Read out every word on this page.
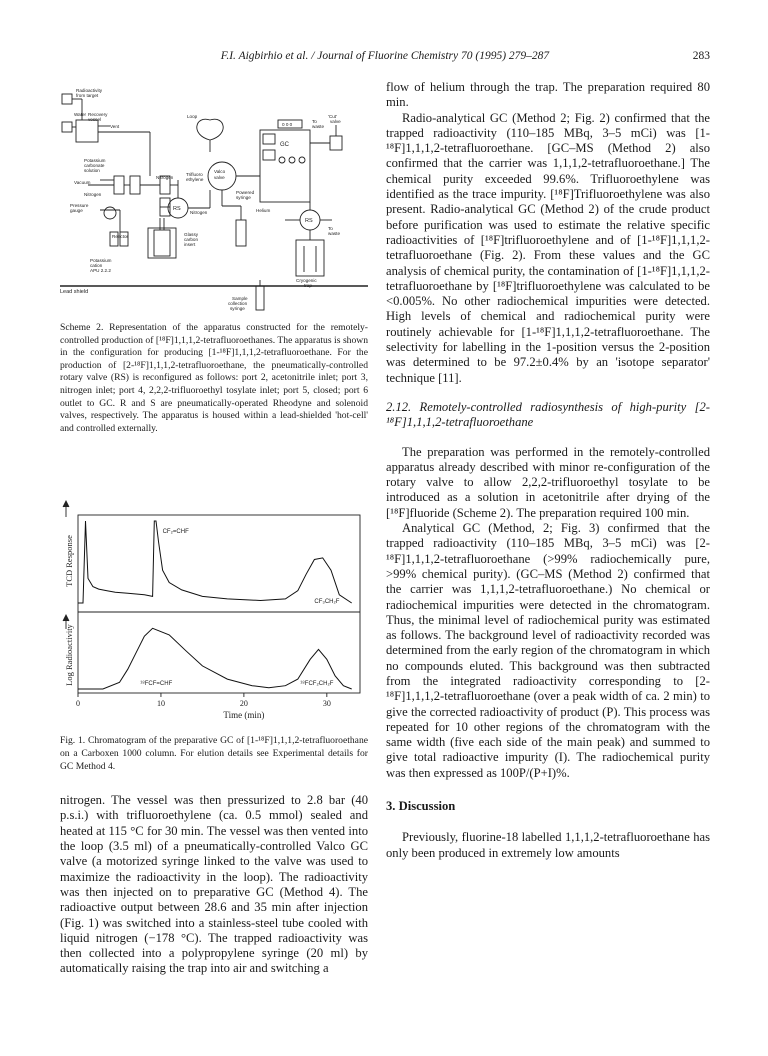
F.I. Aigbirhio et al. / Journal of Fluorine Chemistry 70 (1995) 279–287	283
Radioactivity
from target
Water Recovery
vessel
Vent
Loop
Valco
valve
'Cut'
valve
To
waste
GC
0 0 0
Potassium
carbonate
solution
Vacuum
Trifluoro
ethylene
Nitrogen
Nitrogen
Nitrogen
Powered
syringe
Helium
Pressure
gauge	RS
RS
To
waste
Reactor	Glassy
carbon
insert
Potassium
cation
APU 2.2.2
Cryogenic
trap
Lead shield
Sample
collection
syringe

Scheme 2. Representation of the apparatus constructed for the remotely-controlled production of [¹⁸F]1,1,1,2-tetrafluoroethanes. The apparatus is shown in the configuration for producing [1-¹⁸F]1,1,1,2-tetrafluoroethane. For the production of [2-¹⁸F]1,1,1,2-tetrafluoroethane, the pneumatically-controlled rotary valve (RS) is reconfigured as follows: port 2, acetonitrile inlet; port 3, nitrogen inlet; port 4, 2,2,2-trifluoroethyl tosylate inlet; port 5, closed; port 6 outlet to GC. R and S are pneumatically-operated Rheodyne and solenoid valves, respectively. The apparatus is housed within a lead-shielded 'hot-cell' and controlled externally.

TCD Response
Log Radioactivity
CF₂=CHF
CF₃CH₂F
¹⁸FCF=CHF	¹⁸FCF₂CH₂F
0	10	20	30
Time (min)

Fig. 1. Chromatogram of the preparative GC of [1-¹⁸F]1,1,1,2-tetrafluoroethane on a Carboxen 1000 column. For elution details see Experimental details for GC Method 4.

nitrogen. The vessel was then pressurized to 2.8 bar (40 p.s.i.) with trifluoroethylene (ca. 0.5 mmol) sealed and heated at 115 °C for 30 min. The vessel was then vented into the loop (3.5 ml) of a pneumatically-controlled Valco GC valve (a motorized syringe linked to the valve was used to maximize the radioactivity in the loop). The radioactivity was then injected on to preparative GC (Method 4). The radioactive output between 28.6 and 35 min after injection (Fig. 1) was switched into a stainless-steel tube cooled with liquid nitrogen (−178 °C). The trapped radioactivity was then collected into a polypropylene syringe (20 ml) by automatically raising the trap into air and switching a

flow of helium through the trap. The preparation required 80 min.

Radio-analytical GC (Method 2; Fig. 2) confirmed that the trapped radioactivity (110–185 MBq, 3–5 mCi) was [1-¹⁸F]1,1,1,2-tetrafluoroethane. [GC–MS (Method 2) also confirmed that the carrier was 1,1,1,2-tetrafluoroethane.] The chemical purity exceeded 99.6%. Trifluoroethylene was identified as the trace impurity. [¹⁸F]Trifluoroethylene was also present. Radio-analytical GC (Method 2) of the crude product before purification was used to estimate the relative specific radioactivities of [¹⁸F]trifluoroethylene and of [1-¹⁸F]1,1,1,2-tetrafluoroethane (Fig. 2). From these values and the GC analysis of chemical purity, the contamination of [1-¹⁸F]1,1,1,2-tetrafluoroethane by [¹⁸F]trifluoroethylene was calculated to be <0.005%. No other radiochemical impurities were detected. High levels of chemical and radiochemical purity were routinely achievable for [1-¹⁸F]1,1,1,2-tetrafluoroethane. The selectivity for labelling in the 1-position versus the 2-position was determined to be 97.2±0.4% by an 'isotope separator' technique [11].

2.12. Remotely-controlled radiosynthesis of high-purity [2-¹⁸F]1,1,1,2-tetrafluoroethane

The preparation was performed in the remotely-controlled apparatus already described with minor re-configuration of the rotary valve to allow 2,2,2-trifluoroethyl tosylate to be introduced as a solution in acetonitrile after drying of the [¹⁸F]fluoride (Scheme 2). The preparation required 100 min.

Analytical GC (Method, 2; Fig. 3) confirmed that the trapped radioactivity (110–185 MBq, 3–5 mCi) was [2-¹⁸F]1,1,1,2-tetrafluoroethane (>99% radiochemically pure, >99% chemical purity). (GC–MS (Method 2) confirmed that the carrier was 1,1,1,2-tetrafluoroethane.) No chemical or radiochemical impurities were detected in the chromatogram. Thus, the minimal level of radiochemical purity was estimated as follows. The background level of radioactivity recorded was determined from the early region of the chromatogram in which no compounds eluted. This background was then subtracted from the integrated radioactivity corresponding to [2-¹⁸F]1,1,1,2-tetrafluoroethane (over a peak width of ca. 2 min) to give the corrected radioactivity of product (P). This process was repeated for 10 other regions of the chromatogram with the same width (five each side of the main peak) and summed to give total radioactive impurity (I). The radiochemical purity was then expressed as 100P/(P+I)%.

3. Discussion

Previously, fluorine-18 labelled 1,1,1,2-tetrafluoroethane has only been produced in extremely low amounts
